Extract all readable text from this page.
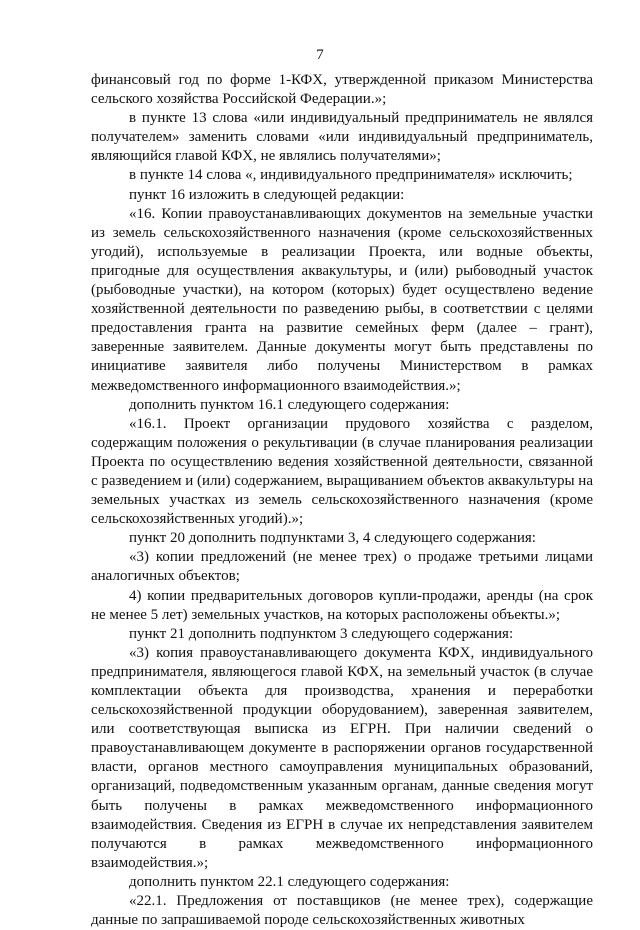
7

финансовый год по форме 1-КФХ, утвержденной приказом Министерства сельского хозяйства Российской Федерации.»;

в пункте 13 слова «или индивидуальный предприниматель не являлся получателем» заменить словами «или индивидуальный предприниматель, являющийся главой КФХ, не являлись получателями»;

в пункте 14 слова «, индивидуального предпринимателя» исключить;

пункт 16 изложить в следующей редакции:

«16. Копии правоустанавливающих документов на земельные участки из земель сельскохозяйственного назначения (кроме сельскохозяйственных угодий), используемые в реализации Проекта, или водные объекты, пригодные для осуществления аквакультуры, и (или) рыбоводный участок (рыбоводные участки), на котором (которых) будет осуществлено ведение хозяйственной деятельности по разведению рыбы, в соответствии с целями предоставления гранта на развитие семейных ферм (далее – грант), заверенные заявителем. Данные документы могут быть представлены по инициативе заявителя либо получены Министерством в рамках межведомственного информационного взаимодействия.»;

дополнить пунктом 16.1 следующего содержания:

«16.1. Проект организации прудового хозяйства с разделом, содержащим положения о рекультивации (в случае планирования реализации Проекта по осуществлению ведения хозяйственной деятельности, связанной с разведением и (или) содержанием, выращиванием объектов аквакультуры на земельных участках из земель сельскохозяйственного назначения (кроме сельскохозяйственных угодий).»;

пункт 20 дополнить подпунктами 3, 4 следующего содержания:

«3) копии предложений (не менее трех) о продаже третьими лицами аналогичных объектов;

4) копии предварительных договоров купли-продажи, аренды (на срок не менее 5 лет) земельных участков, на которых расположены объекты.»;

пункт 21 дополнить подпунктом 3 следующего содержания:

«3) копия правоустанавливающего документа КФХ, индивидуального предпринимателя, являющегося главой КФХ, на земельный участок (в случае комплектации объекта для производства, хранения и переработки сельскохозяйственной продукции оборудованием), заверенная заявителем, или соответствующая выписка из ЕГРН. При наличии сведений о правоустанавливающем документе в распоряжении органов государственной власти, органов местного самоуправления муниципальных образований, организаций, подведомственным указанным органам, данные сведения могут быть получены в рамках межведомственного информационного взаимодействия. Сведения из ЕГРН в случае их непредставления заявителем получаются в рамках межведомственного информационного взаимодействия.»;

дополнить пунктом 22.1 следующего содержания:

«22.1. Предложения от поставщиков (не менее трех), содержащие данные по запрашиваемой породе сельскохозяйственных животных
